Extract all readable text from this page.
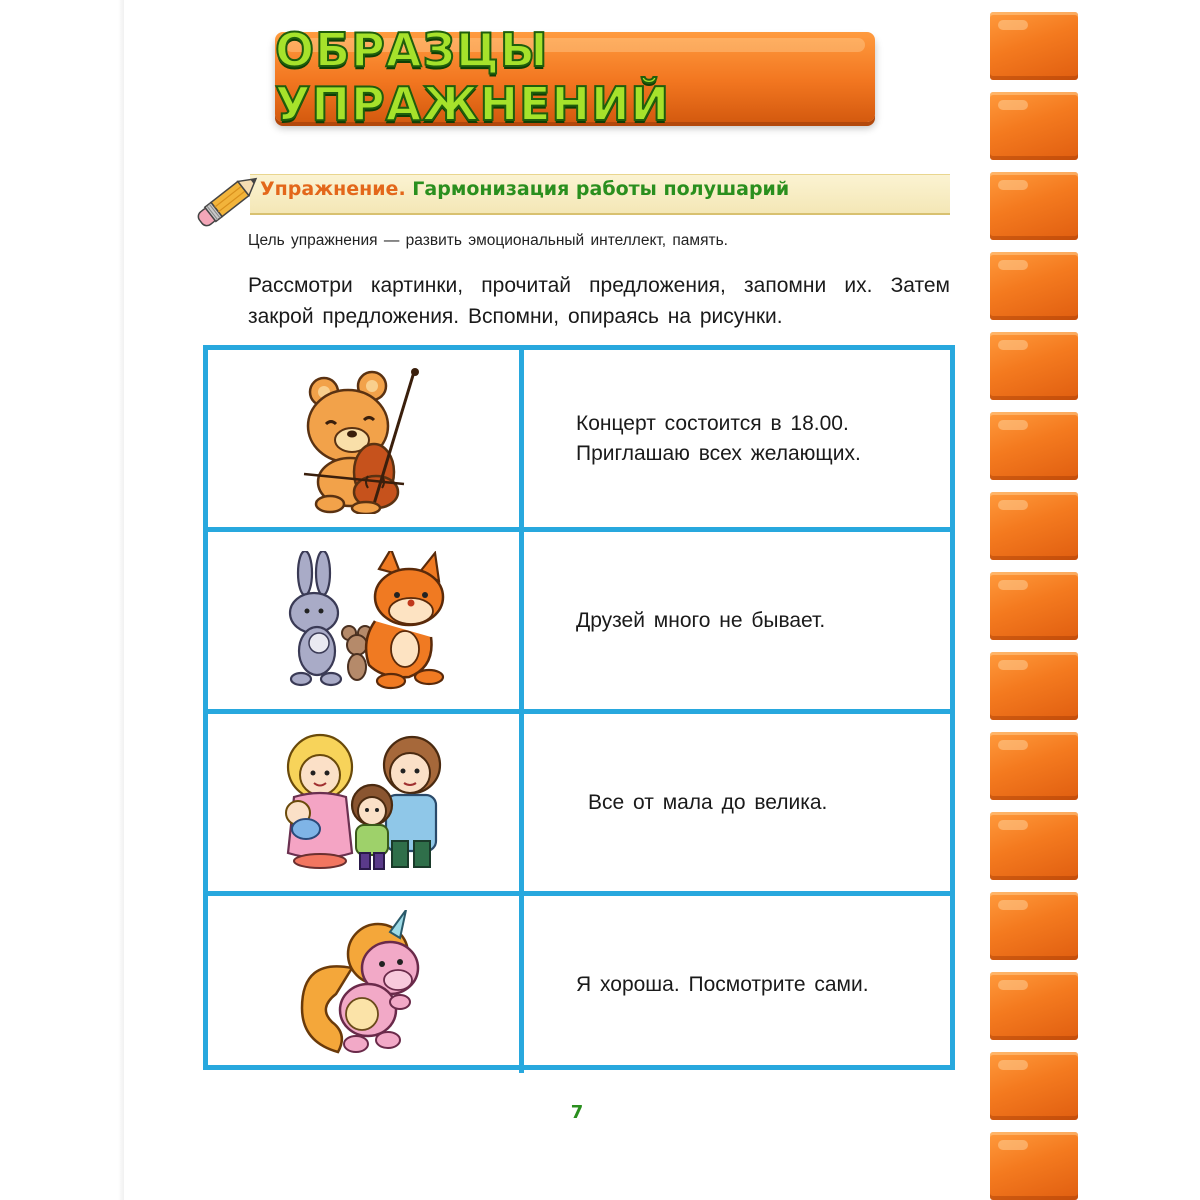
ОБРАЗЦЫ УПРАЖНЕНИЙ
Упражнение. Гармонизация работы полушарий
Цель упражнения — развить эмоциональный интеллект, память.
Рассмотри картинки, прочитай предложения, запомни их. Затем закрой предложения. Вспомни, опираясь на рисунки.
Концерт состоится в 18.00.
Приглашаю всех желающих.
Друзей много не бывает.
Все от мала до велика.
Я хороша. Посмотрите сами.
7
